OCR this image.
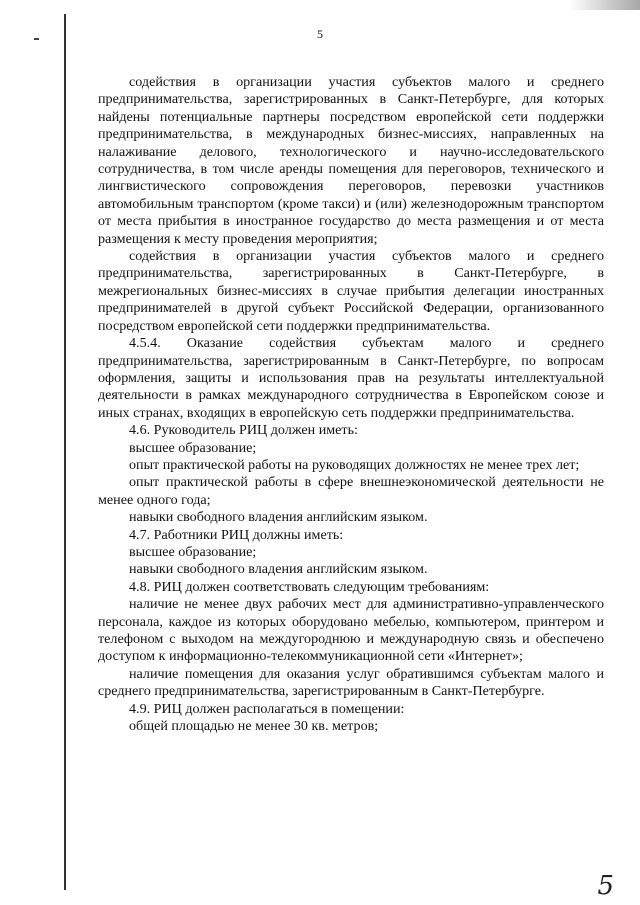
5

содействия в организации участия субъектов малого и среднего предпринимательства, зарегистрированных в Санкт-Петербурге, для которых найдены потенциальные партнеры посредством европейской сети поддержки предпринимательства, в международных бизнес-миссиях, направленных на налаживание делового, технологического и научно-исследовательского сотрудничества, в том числе аренды помещения для переговоров, технического и лингвистического сопровождения переговоров, перевозки участников автомобильным транспортом (кроме такси) и (или) железнодорожным транспортом от места прибытия в иностранное государство до места размещения и от места размещения к месту проведения мероприятия;

содействия в организации участия субъектов малого и среднего предпринимательства, зарегистрированных в Санкт-Петербурге, в межрегиональных бизнес-миссиях в случае прибытия делегации иностранных предпринимателей в другой субъект Российской Федерации, организованного посредством европейской сети поддержки предпринимательства.

4.5.4. Оказание содействия субъектам малого и среднего предпринимательства, зарегистрированным в Санкт-Петербурге, по вопросам оформления, защиты и использования прав на результаты интеллектуальной деятельности в рамках международного сотрудничества в Европейском союзе и иных странах, входящих в европейскую сеть поддержки предпринимательства.

4.6. Руководитель РИЦ должен иметь:

высшее образование;

опыт практической работы на руководящих должностях не менее трех лет;

опыт практической работы в сфере внешнеэкономической деятельности не менее одного года;

навыки свободного владения английским языком.

4.7. Работники РИЦ должны иметь:

высшее образование;

навыки свободного владения английским языком.

4.8. РИЦ должен соответствовать следующим требованиям:

наличие не менее двух рабочих мест для административно-управленческого персонала, каждое из которых оборудовано мебелью, компьютером, принтером и телефоном с выходом на междугороднюю и международную связь и обеспечено доступом к информационно-телекоммуникационной сети «Интернет»;

наличие помещения для оказания услуг обратившимся субъектам малого и среднего предпринимательства, зарегистрированным в Санкт-Петербурге.

4.9. РИЦ должен располагаться в помещении:

общей площадью не менее 30 кв. метров;

5
